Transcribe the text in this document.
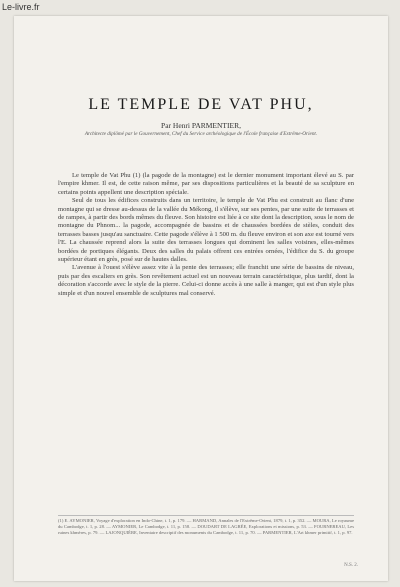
Le-livre.fr
LE TEMPLE DE VAT PHU,
Par Henri PARMENTIER,
Architecte diplômé par le Gouvernement, Chef du Service archéologique de l'École française d'Extrême-Orient.

Le temple de Vat Phu (1) (la pagode de la montagne) est le dernier monument important élevé au S. par l'empire khmer. Il est, de cette raison même, par ses dispositions particulières et la beauté de sa sculpture en certains points appellent une description spéciale.

Seul de tous les édifices construits dans un territoire, le temple de Vat Phu est construit au flanc d'une montagne qui se dresse au-dessus de la vallée du Mékong, il s'élève, sur ses pentes, par une suite de terrasses et de rampes, à partir des bords mêmes du fleuve. Son histoire est liée à ce site dont la description, sous le nom de montagne du Phnom... la pagode, accompagnée de bassins et de chaussées bordées de stèles, conduit des terrasses basses jusqu'au sanctuaire. Cette pagode s'élève à 1 500 m. du fleuve environ et son axe est tourné vers l'E. La chaussée reprend alors la suite des terrasses longues qui dominent les salles voisines, elles-mêmes bordées de portiques élégants. Deux des salles du palais offrent ces entrées ornées, l'édifice du S. du groupe supérieur étant en grès, posé sur de hautes dalles.

L'avenue à l'ouest s'élève assez vite à la pente des terrasses; elle franchit une série de bassins de niveau, puis par des escaliers en grès. Son revêtement actuel est un nouveau terrain caractéristique, plus tardif, dont la décoration s'accorde avec le style de la pierre. Celui-ci donne accès à une salle à manger, qui est d'un style plus simple et d'un nouvel ensemble de sculptures mal conservé.

(1) E. AYMONIER, Voyage d'exploration en Indo-Chine, t. 1, p. 179. — HARMAND, Annales de l'Extrême-Orient, 1879, t. 1, p. 352. — MOURA, Le royaume du Cambodge, t. 1, p. 28. — AYMONIER, Le Cambodge, t. 11, p. 158. — DOUDART DE LAGRÉE, Explorations et missions, p. 53. — FOURNEREAU, Les ruines khmères, p. 79. — LAJONQUIÈRE, Inventaire descriptif des monuments du Cambodge, t. 11, p. 70. — PARMENTIER, L'Art khmer primitif, t. 1, p. 97.
N.S. 2.
